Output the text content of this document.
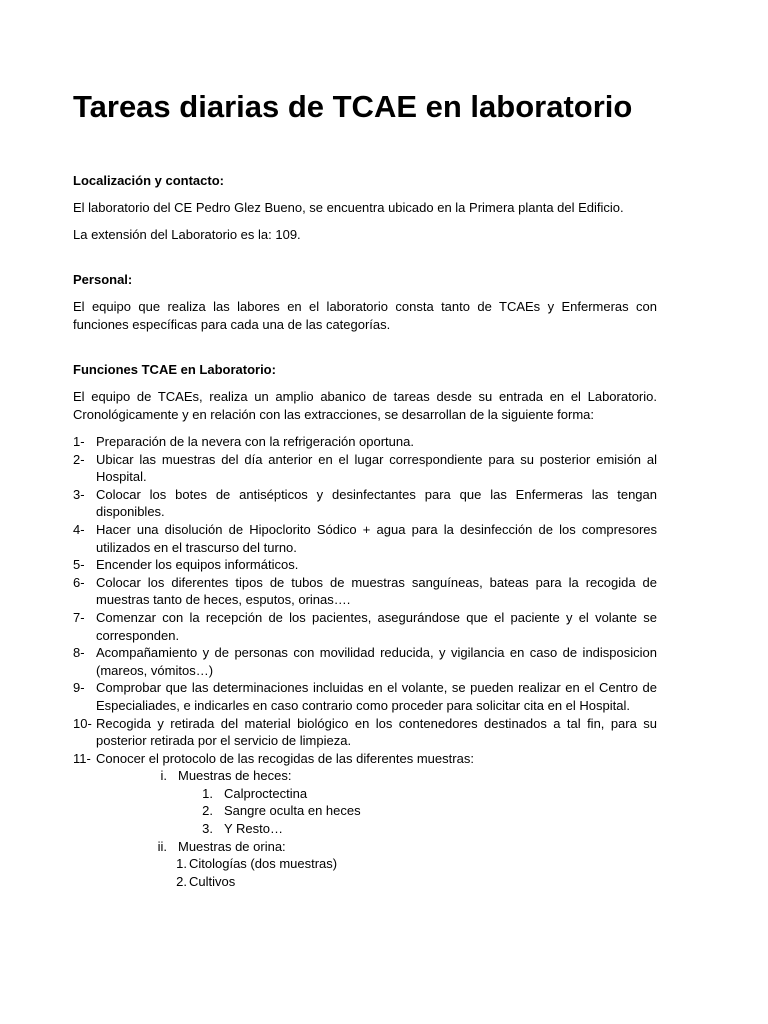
Tareas diarias de TCAE en laboratorio

Localización y contacto:

El laboratorio del CE Pedro Glez Bueno, se encuentra ubicado en la Primera planta del Edificio.

La extensión del Laboratorio es la: 109.

Personal:

El equipo que realiza las labores en el laboratorio consta tanto de TCAEs y Enfermeras con funciones específicas para cada una de las categorías.

Funciones TCAE en Laboratorio:

El equipo de TCAEs, realiza un amplio abanico de tareas desde su entrada en el Laboratorio. Cronológicamente y en relación con las extracciones, se desarrollan de la siguiente forma:

1- Preparación de la nevera con la refrigeración oportuna.
2- Ubicar las muestras del día anterior en el lugar correspondiente para su posterior emisión al Hospital.
3- Colocar los botes de antisépticos y desinfectantes para que las Enfermeras las tengan disponibles.
4- Hacer una disolución de Hipoclorito Sódico + agua para la desinfección de los compresores utilizados en el trascurso del turno.
5- Encender los equipos informáticos.
6- Colocar los diferentes tipos de tubos de muestras sanguíneas, bateas para la recogida de muestras tanto de heces, esputos, orinas….
7- Comenzar con la recepción de los pacientes, asegurándose que el paciente y el volante se corresponden.
8- Acompañamiento y de personas con movilidad reducida, y vigilancia en caso de indisposicion (mareos, vómitos…)
9- Comprobar que las determinaciones incluidas en el volante, se pueden realizar en el Centro de Especialiades, e indicarles en caso contrario como proceder para solicitar cita en el Hospital.
10- Recogida y retirada del material biológico en los contenedores destinados a tal fin, para su posterior retirada por el servicio de limpieza.
11- Conocer el protocolo de las recogidas de las diferentes muestras:
i. Muestras de heces:
1. Calproctectina
2. Sangre oculta en heces
3. Y Resto…
ii. Muestras de orina:
1. Citologías (dos muestras)
2. Cultivos
